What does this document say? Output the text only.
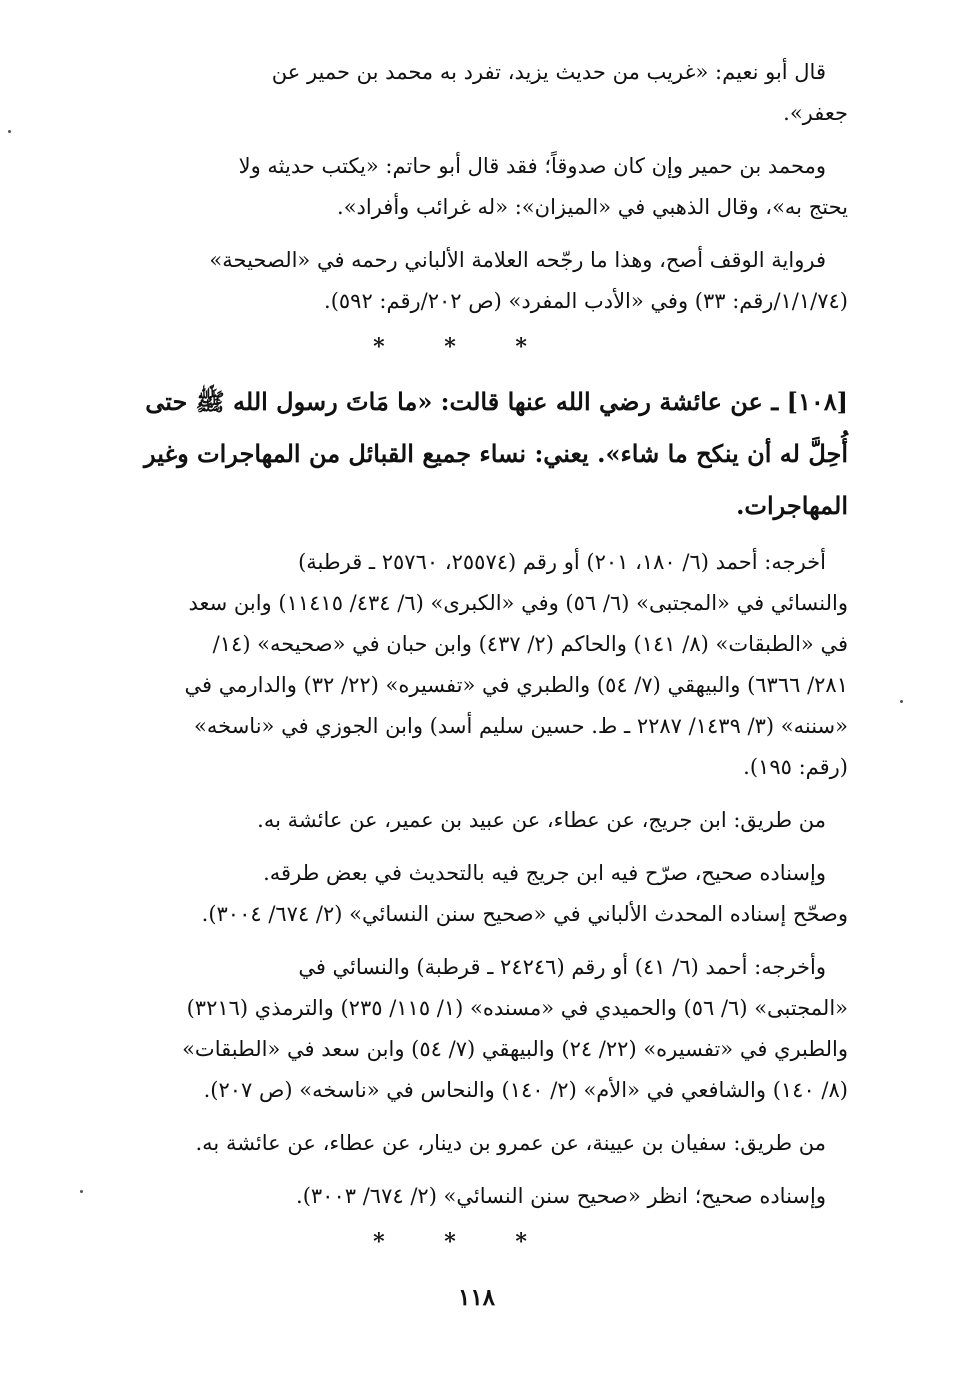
قال أبو نعيم: «غريب من حديث يزيد، تفرد به محمد بن حمير عن
جعفر».
ومحمد بن حمير وإن كان صدوقاً؛ فقد قال أبو حاتم: «يكتب حديثه ولا
يحتج به»، وقال الذهبي في «الميزان»: «له غرائب وأفراد».
فرواية الوقف أصح، وهذا ما رجّحه العلامة الألباني رحمه في «الصحيحة»
(١/١/٧٤/رقم: ٣٣) وفي «الأدب المفرد» (ص ٢٠٢/رقم: ٥٩٢).
* * *
[١٠٨] ـ عن عائشة رضي الله عنها قالت: «ما مَاتَ رسول الله ﷺ حتى
أُحِلَّ له أن ينكح ما شاء». يعني: نساء جميع القبائل من المهاجرات وغير
المهاجرات.
أخرجه: أحمد (٦/ ١٨٠، ٢٠١) أو رقم (٢٥٥٧٤، ٢٥٧٦٠ ـ قرطبة)
والنسائي في «المجتبى» (٦/ ٥٦) وفي «الكبرى» (٦/ ٤٣٤/ ١١٤١٥) وابن سعد
في «الطبقات» (٨/ ١٤١) والحاكم (٢/ ٤٣٧) وابن حبان في «صحيحه» (١٤/
٢٨١/ ٦٣٦٦) والبيهقي (٧/ ٥٤) والطبري في «تفسيره» (٢٢/ ٣٢) والدارمي في
«سننه» (٣/ ١٤٣٩/ ٢٢٨٧ ـ ط. حسين سليم أسد) وابن الجوزي في «ناسخه»
(رقم: ١٩٥).
من طريق: ابن جريج، عن عطاء، عن عبيد بن عمير، عن عائشة به.
وإسناده صحيح، صرّح فيه ابن جريج فيه بالتحديث في بعض طرقه.
وصحّح إسناده المحدث الألباني في «صحيح سنن النسائي» (٢/ ٦٧٤/ ٣٠٠٤).
وأخرجه: أحمد (٦/ ٤١) أو رقم (٢٤٢٤٦ ـ قرطبة) والنسائي في
«المجتبى» (٦/ ٥٦) والحميدي في «مسنده» (١/ ١١٥/ ٢٣٥) والترمذي (٣٢١٦)
والطبري في «تفسيره» (٢٢/ ٢٤) والبيهقي (٧/ ٥٤) وابن سعد في «الطبقات»
(٨/ ١٤٠) والشافعي في «الأم» (٢/ ١٤٠) والنحاس في «ناسخه» (ص ٢٠٧).
من طريق: سفيان بن عيينة، عن عمرو بن دينار، عن عطاء، عن عائشة به.
وإسناده صحيح؛ انظر «صحيح سنن النسائي» (٢/ ٦٧٤/ ٣٠٠٣).
* * *
١١٨
